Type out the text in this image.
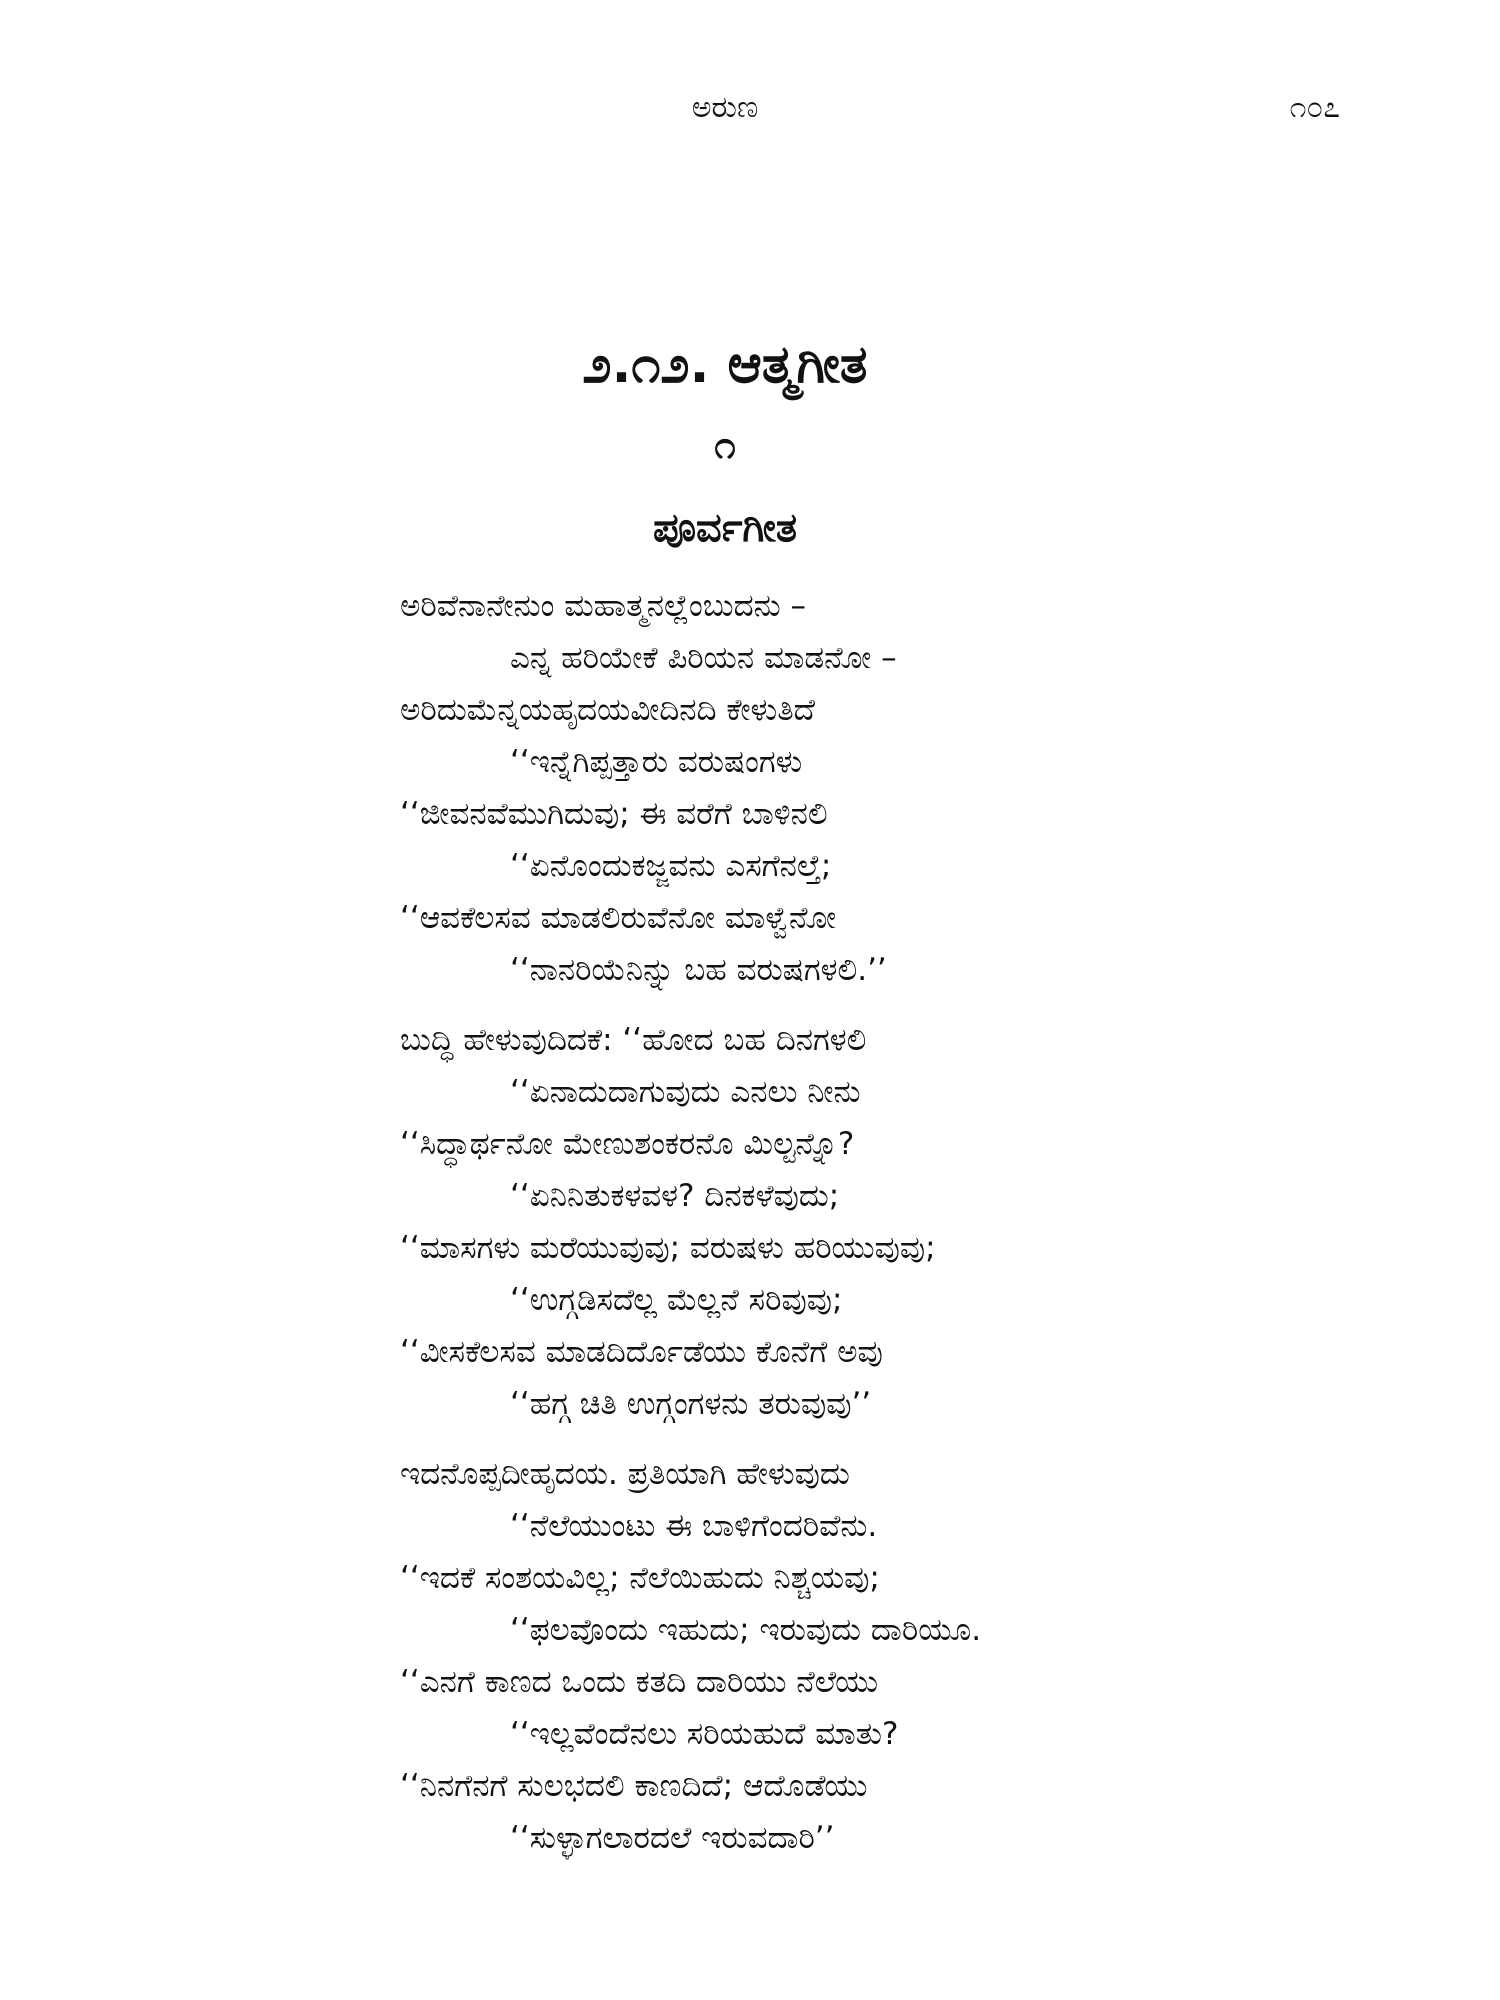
ಅರುಣ	೧೦೭
೨.೧೨. ಆತ್ಮಗೀತ
೧
ಪೂರ್ವಗೀತ
ಅರಿವೆನಾನೇನುಂ ಮಹಾತ್ಮನಲ್ಲೆಂಬುದನು –
ಎನ್ನ ಹರಿಯೇಕೆ ಪಿರಿಯನ ಮಾಡನೋ –
ಅರಿದುಮೆನ್ನಯಹೃದಯವೀದಿನದಿ ಕೇಳುತಿದೆ
‘‘ಇನ್ನೆಗಿಪ್ಪತ್ತಾರು ವರುಷಂಗಳು
‘‘ಜೀವನವೆಮುಗಿದುವು; ಈ ವರೆಗೆ ಬಾಳಿನಲಿ
‘‘ಏನೊಂದುಕಜ್ಜವನು ಎಸಗೆನಲ್ತೆ;
‘‘ಆವಕೆಲಸವ ಮಾಡಲಿರುವೆನೋ ಮಾಳ್ವೆನೋ
‘‘ನಾನರಿಯೆನಿನ್ನು ಬಹ ವರುಷಗಳಲಿ.’’
ಬುದ್ಧಿ ಹೇಳುವುದಿದಕೆ: ‘‘ಹೋದ ಬಹ ದಿನಗಳಲಿ
‘‘ಏನಾದುದಾಗುವುದು ಎನಲು ನೀನು
‘‘ಸಿದ್ಧಾರ್ಥನೋ ಮೇಣುಶಂಕರನೊ ಮಿಲ್ಟನ್ನೊ?
‘‘ಏನಿನಿತುಕಳವಳ? ದಿನಕಳೆವುದು;
‘‘ಮಾಸಗಳು ಮರೆಯುವುವು; ವರುಷಳು ಹರಿಯುವುವು;
‘‘ಉಗ್ಗಡಿಸದೆಲ್ಲ ಮೆಲ್ಲನೆ ಸರಿವುವು;
‘‘ವೀಸಕೆಲಸವ ಮಾಡದಿರ್ದೊಡೆಯು ಕೊನೆಗೆ ಅವು
‘‘ಹಗ್ಗ ಚಿತಿ ಉಗ್ಗಂಗಳನು ತರುವುವು’’
ಇದನೊಪ್ಪದೀಹೃದಯ. ಪ್ರತಿಯಾಗಿ ಹೇಳುವುದು
‘‘ನೆಲೆಯುಂಟು ಈ ಬಾಳಿಗೆಂದರಿವೆನು.
‘‘ಇದಕೆ ಸಂಶಯವಿಲ್ಲ; ನೆಲೆಯಿಹುದು ನಿಶ್ಚಯವು;
‘‘ಫಲವೊಂದು ಇಹುದು; ಇರುವುದು ದಾರಿಯೂ.
‘‘ಎನಗೆ ಕಾಣದ ಒಂದು ಕತದಿ ದಾರಿಯು ನೆಲೆಯು
‘‘ಇಲ್ಲವೆಂದೆನಲು ಸರಿಯಹುದೆ ಮಾತು?
‘‘ನಿನಗೆನಗೆ ಸುಲಭದಲಿ ಕಾಣದಿದೆ; ಆದೊಡೆಯು
‘‘ಸುಳ್ಳಾಗಲಾರದಲೆ ಇರುವದಾರಿ’’
